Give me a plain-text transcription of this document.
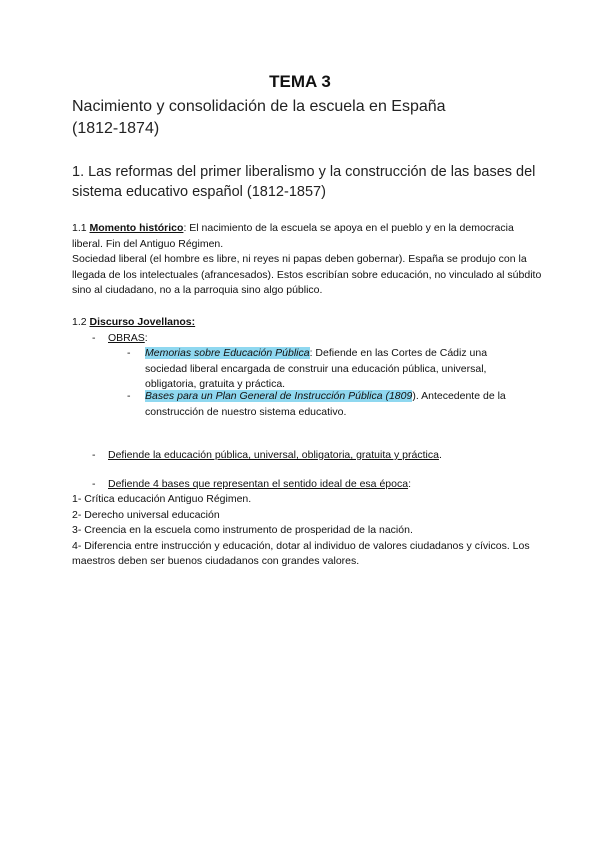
TEMA 3
Nacimiento y consolidación de la escuela en España
(1812-1874)
1. Las reformas del primer liberalismo y la construcción de las bases del sistema educativo español (1812-1857)
1.1 Momento histórico: El nacimiento de la escuela se apoya en el pueblo y en la democracia liberal. Fin del Antiguo Régimen.
Sociedad liberal (el hombre es libre, ni reyes ni papas deben gobernar). España se produjo con la llegada de los intelectuales (afrancesados). Estos escribían sobre educación, no vinculado al súbdito sino al ciudadano, no a la parroquia sino algo público.
1.2 Discurso Jovellanos:
- OBRAS:
- Memorias sobre Educación Pública: Defiende en las Cortes de Cádiz una sociedad liberal encargada de construir una educación pública, universal, obligatoria, gratuita y práctica.
- Bases para un Plan General de Instrucción Pública (1809). Antecedente de la construcción de nuestro sistema educativo.
- Defiende la educación pública, universal, obligatoria, gratuita y práctica.
- Defiende 4 bases que representan el sentido ideal de esa época:
1- Crítica educación Antiguo Régimen.
2- Derecho universal educación
3- Creencia en la escuela como instrumento de prosperidad de la nación.
4- Diferencia entre instrucción y educación, dotar al individuo de valores ciudadanos y cívicos. Los maestros deben ser buenos ciudadanos con grandes valores.
